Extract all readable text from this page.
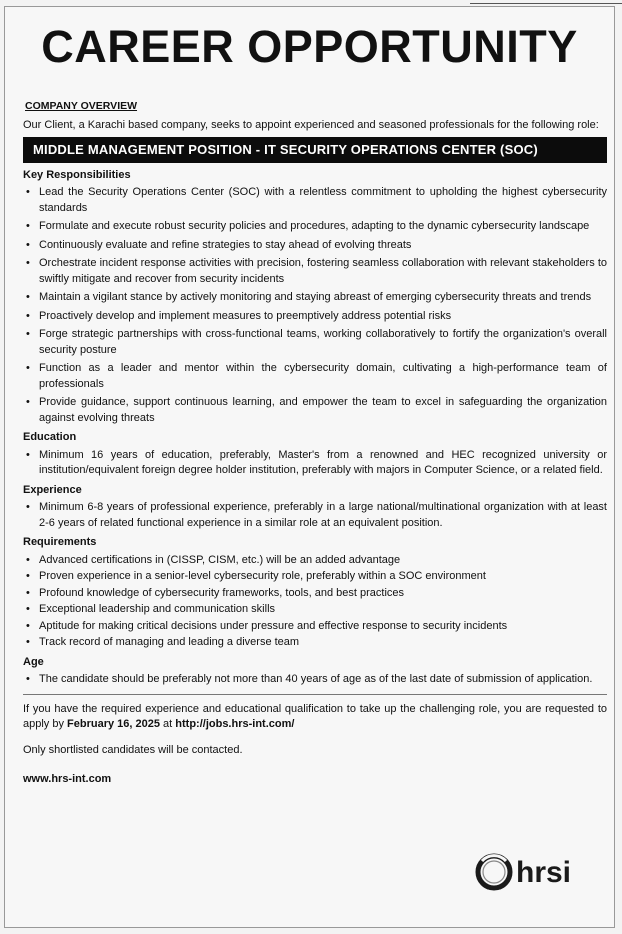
CAREER OPPORTUNITY
COMPANY OVERVIEW

Our Client, a Karachi based company, seeks to appoint experienced and seasoned professionals for the following role:

MIDDLE MANAGEMENT POSITION - IT SECURITY OPERATIONS CENTER (SOC)
Key Responsibilities
• Lead the Security Operations Center (SOC) with a relentless commitment to upholding the highest cybersecurity standards
• Formulate and execute robust security policies and procedures, adapting to the dynamic cybersecurity landscape
• Continuously evaluate and refine strategies to stay ahead of evolving threats
• Orchestrate incident response activities with precision, fostering seamless collaboration with relevant stakeholders to swiftly mitigate and recover from security incidents
• Maintain a vigilant stance by actively monitoring and staying abreast of emerging cybersecurity threats and trends
• Proactively develop and implement measures to preemptively address potential risks
• Forge strategic partnerships with cross-functional teams, working collaboratively to fortify the organization's overall security posture
• Function as a leader and mentor within the cybersecurity domain, cultivating a high-performance team of professionals
• Provide guidance, support continuous learning, and empower the team to excel in safeguarding the organization against evolving threats
Education
• Minimum 16 years of education, preferably, Master's from a renowned and HEC recognized university or institution/equivalent foreign degree holder institution, preferably with majors in Computer Science, or a related field.
Experience
• Minimum 6-8 years of professional experience, preferably in a large national/multinational organization with at least 2-6 years of related functional experience in a similar role at an equivalent position.
Requirements
• Advanced certifications in (CISSP, CISM, etc.) will be an added advantage
• Proven experience in a senior-level cybersecurity role, preferably within a SOC environment
• Profound knowledge of cybersecurity frameworks, tools, and best practices
• Exceptional leadership and communication skills
• Aptitude for making critical decisions under pressure and effective response to security incidents
• Track record of managing and leading a diverse team
Age
• The candidate should be preferably not more than 40 years of age as of the last date of submission of application.

If you have the required experience and educational qualification to take up the challenging role, you are requested to apply by February 16, 2025 at http://jobs.hrs-int.com/

Only shortlisted candidates will be contacted.

www.hrs-int.com
hrsi
